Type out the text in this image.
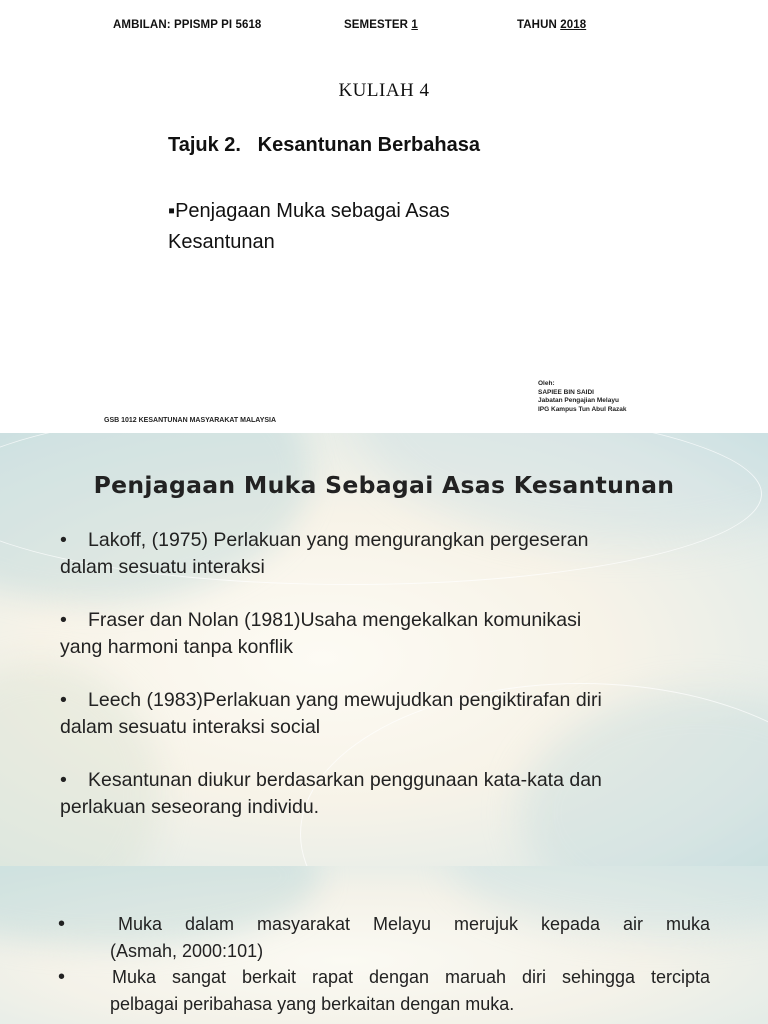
AMBILAN: PPISMP PI 5618	SEMESTER 1	TAHUN 2018
KULIAH 4
Tajuk 2.   Kesantunan Berbahasa
▪Penjagaan Muka sebagai Asas Kesantunan
Oleh:
SAPIEE BIN SAIDI
Jabatan Pengajian Melayu
IPG Kampus Tun Abul Razak
GSB 1012 KESANTUNAN MASYARAKAT MALAYSIA
Penjagaan Muka Sebagai Asas Kesantunan
• Lakoff, (1975) Perlakuan yang mengurangkan pergeseran
dalam sesuatu interaksi
• Fraser dan Nolan (1981)Usaha mengekalkan komunikasi
yang harmoni tanpa konflik
• Leech (1983)Perlakuan yang mewujudkan pengiktirafan diri
dalam sesuatu interaksi social
• Kesantunan diukur berdasarkan penggunaan kata-kata dan
perlakuan seseorang individu.
•	Muka dalam masyarakat Melayu merujuk kepada air muka
(Asmah, 2000:101)
•	Muka sangat berkait rapat dengan maruah diri sehingga tercipta
pelbagai peribahasa yang berkaitan dengan muka.
